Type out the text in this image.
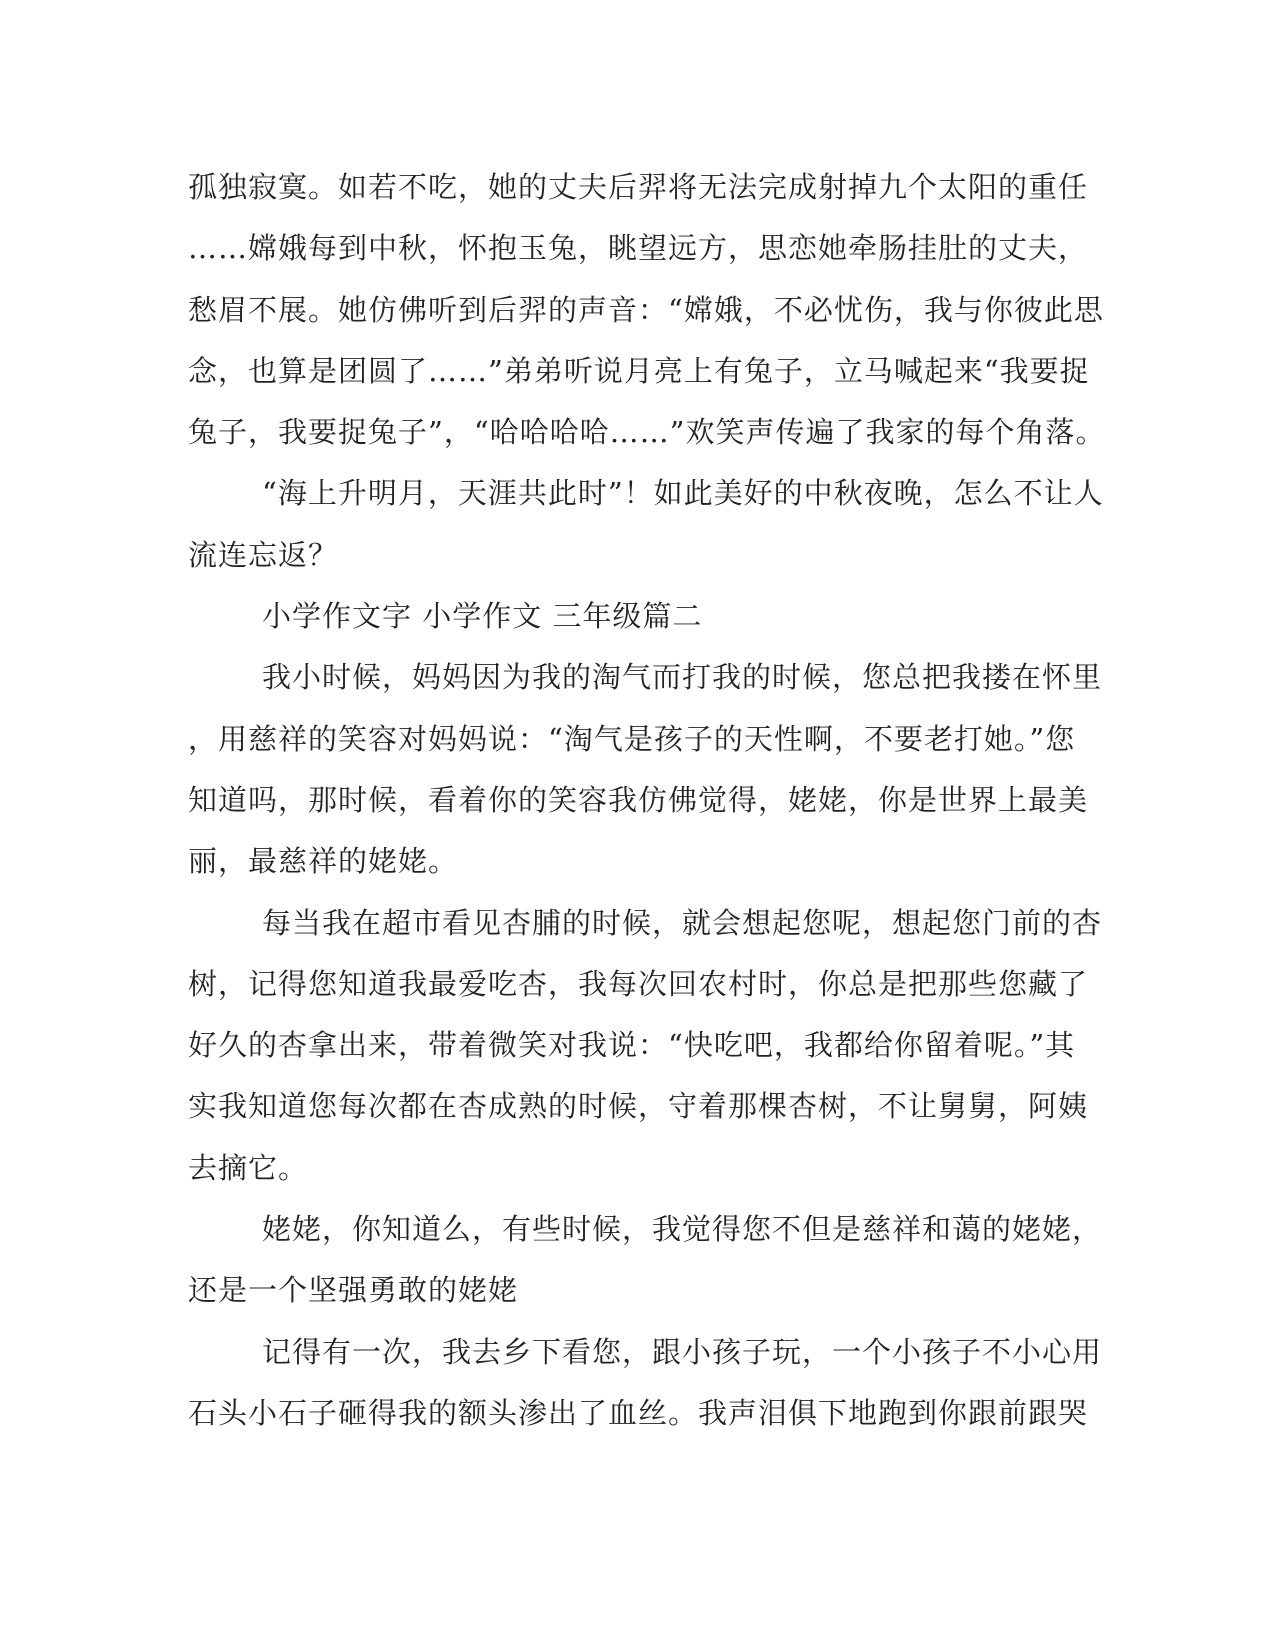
孤独寂寞。如若不吃，她的丈夫后羿将无法完成射掉九个太阳的重任
……嫦娥每到中秋，怀抱玉兔，眺望远方，思恋她牵肠挂肚的丈夫，
愁眉不展。她仿佛听到后羿的声音：“嫦娥，不必忧伤，我与你彼此思
念，也算是团圆了……”弟弟听说月亮上有兔子，立马喊起来“我要捉
兔子，我要捉兔子”，“哈哈哈哈……”欢笑声传遍了我家的每个角落。
“海上升明月，天涯共此时”！如此美好的中秋夜晚，怎么不让人
流连忘返？
小学作文字 小学作文 三年级篇二
我小时候，妈妈因为我的淘气而打我的时候，您总把我搂在怀里
，用慈祥的笑容对妈妈说：“淘气是孩子的天性啊，不要老打她。”您
知道吗，那时候，看着你的笑容我仿佛觉得，姥姥，你是世界上最美
丽，最慈祥的姥姥。
每当我在超市看见杏脯的时候，就会想起您呢，想起您门前的杏
树，记得您知道我最爱吃杏，我每次回农村时，你总是把那些您藏了
好久的杏拿出来，带着微笑对我说：“快吃吧，我都给你留着呢。”其
实我知道您每次都在杏成熟的时候，守着那棵杏树，不让舅舅，阿姨
去摘它。
姥姥，你知道么，有些时候，我觉得您不但是慈祥和蔼的姥姥，
还是一个坚强勇敢的姥姥
记得有一次，我去乡下看您，跟小孩子玩，一个小孩子不小心用
石头小石子砸得我的额头渗出了血丝。我声泪俱下地跑到你跟前跟哭
